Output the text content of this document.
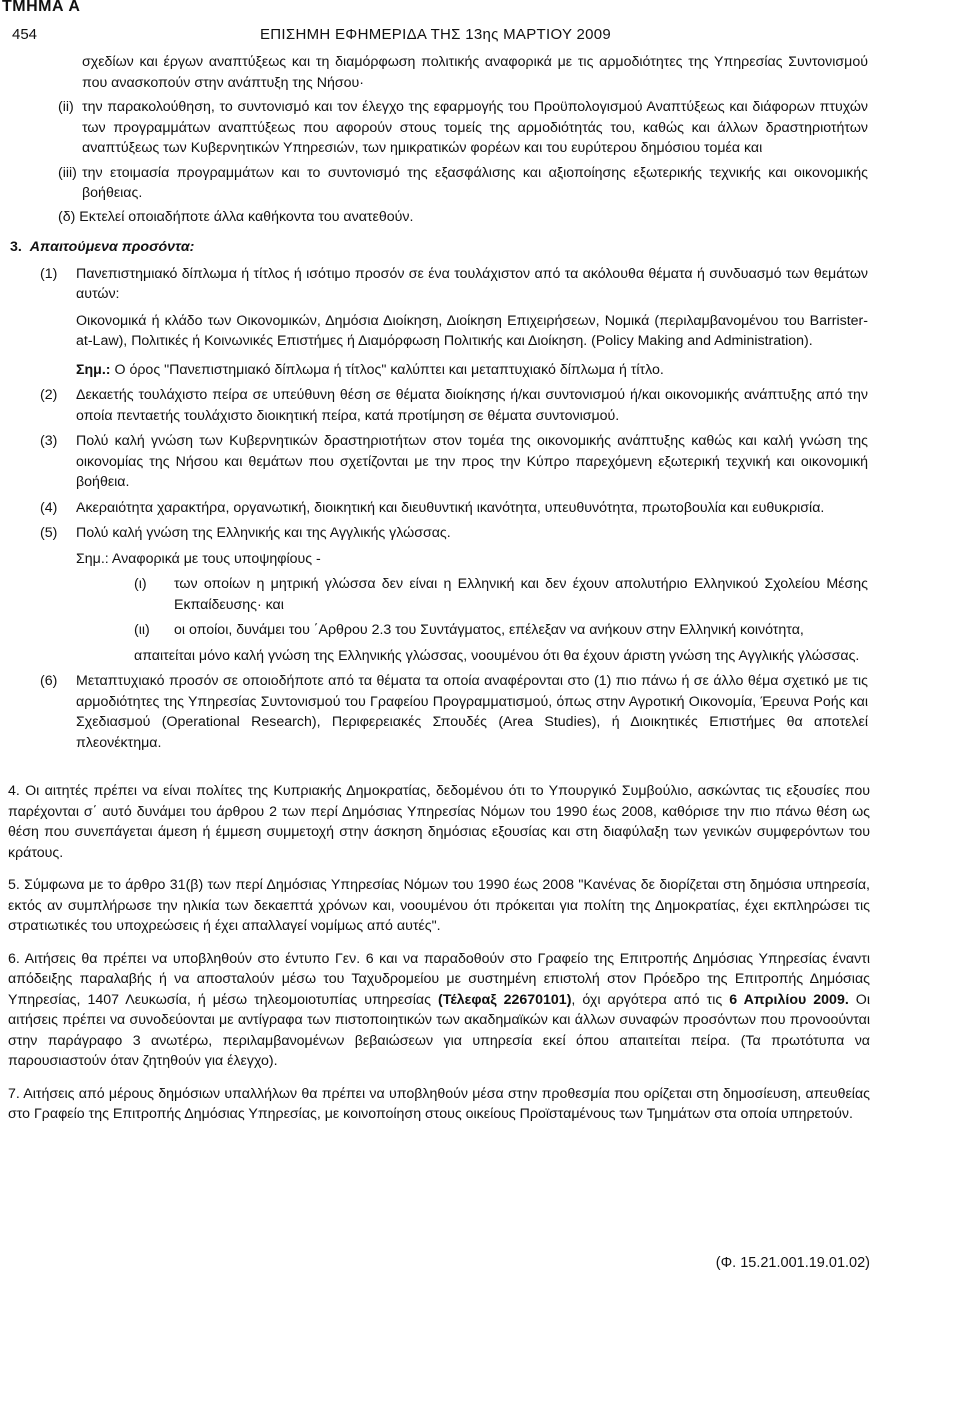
ΤΜΗΜΑ Α
454	ΕΠΙΣΗΜΗ ΕΦΗΜΕΡΙΔΑ ΤΗΣ 13ης ΜΑΡΤΙΟΥ 2009

σχεδίων και έργων αναπτύξεως και τη διαμόρφωση πολιτικής αναφορικά με τις αρμοδιότητες της Υπηρεσίας Συντονισμού που ανασκοπούν στην ανάπτυξη της Νήσου·

(ii) την παρακολούθηση, το συντονισμό και τον έλεγχο της εφαρμογής του Προϋπολογισμού Αναπτύξεως και διάφορων πτυχών των προγραμμάτων αναπτύξεως που αφορούν στους τομείς της αρμοδιότητάς του, καθώς και άλλων δραστηριοτήτων αναπτύξεως των Κυβερνητικών Υπηρεσιών, των ημικρατικών φορέων και του ευρύτερου δημόσιου τομέα και

(iii) την ετοιμασία προγραμμάτων και το συντονισμό της εξασφάλισης και αξιοποίησης εξωτερικής τεχνικής και οικονομικής βοήθειας.

(δ) Εκτελεί οποιαδήποτε άλλα καθήκοντα του ανατεθούν.

3. Απαιτούμενα προσόντα:
(1) Πανεπιστημιακό δίπλωμα ή τίτλος ή ισότιμο προσόν σε ένα τουλάχιστον από τα ακόλουθα θέματα ή συνδυασμό των θεμάτων αυτών:

Οικονομικά ή κλάδο των Οικονομικών, Δημόσια Διοίκηση, Διοίκηση Επιχειρήσεων, Νομικά (περιλαμβανομένου του Barrister-at-Law), Πολιτικές ή Κοινωνικές Επιστήμες ή Διαμόρφωση Πολιτικής και Διοίκηση. (Policy Making and Administration).

Σημ.: Ο όρος "Πανεπιστημιακό δίπλωμα ή τίτλος" καλύπτει και μεταπτυχιακό δίπλωμα ή τίτλο.

(2) Δεκαετής τουλάχιστο πείρα σε υπεύθυνη θέση σε θέματα διοίκησης ή/και συντονισμού ή/και οικονομικής ανάπτυξης από την οποία πενταετής τουλάχιστο διοικητική πείρα, κατά προτίμηση σε θέματα συντονισμού.

(3) Πολύ καλή γνώση των Κυβερνητικών δραστηριοτήτων στον τομέα της οικονομικής ανάπτυξης καθώς και καλή γνώση της οικονομίας της Νήσου και θεμάτων που σχετίζονται με την προς την Κύπρο παρεχόμενη εξωτερική τεχνική και οικονομική βοήθεια.

(4) Ακεραιότητα χαρακτήρα, οργανωτική, διοικητική και διευθυντική ικανότητα, υπευθυνότητα, πρωτοβουλία και ευθυκρισία.

(5) Πολύ καλή γνώση της Ελληνικής και της Αγγλικής γλώσσας.

Σημ.: Αναφορικά με τους υποψηφίους -

(ι) των οποίων η μητρική γλώσσα δεν είναι η Ελληνική και δεν έχουν απολυτήριο Ελληνικού Σχολείου Μέσης Εκπαίδευσης· και

(ιι) οι οποίοι, δυνάμει του ΄Αρθρου 2.3 του Συντάγματος, επέλεξαν να ανήκουν στην Ελληνική κοινότητα,

απαιτείται μόνο καλή γνώση της Ελληνικής γλώσσας, νοουμένου ότι θα έχουν άριστη γνώση της Αγγλικής γλώσσας.

(6) Μεταπτυχιακό προσόν σε οποιοδήποτε από τα θέματα τα οποία αναφέρονται στο (1) πιο πάνω ή σε άλλο θέμα σχετικό με τις αρμοδιότητες της Υπηρεσίας Συντονισμού του Γραφείου Προγραμματισμού, όπως στην Αγροτική Οικονομία, Έρευνα Ροής και Σχεδιασμού (Operational Research), Περιφερειακές Σπουδές (Area Studies), ή Διοικητικές Επιστήμες θα αποτελεί πλεονέκτημα.

4. Οι αιτητές πρέπει να είναι πολίτες της Κυπριακής Δημοκρατίας, δεδομένου ότι το Υπουργικό Συμβούλιο, ασκώντας τις εξουσίες που παρέχονται σ΄ αυτό δυνάμει του άρθρου 2 των περί Δημόσιας Υπηρεσίας Νόμων του 1990 έως 2008, καθόρισε την πιο πάνω θέση ως θέση που συνεπάγεται άμεση ή έμμεση συμμετοχή στην άσκηση δημόσιας εξουσίας και στη διαφύλαξη των γενικών συμφερόντων του κράτους.

5. Σύμφωνα με το άρθρο 31(β) των περί Δημόσιας Υπηρεσίας Νόμων του 1990 έως 2008 "Κανένας δε διορίζεται στη δημόσια υπηρεσία, εκτός αν συμπλήρωσε την ηλικία των δεκαεπτά χρόνων και, νοουμένου ότι πρόκειται για πολίτη της Δημοκρατίας, έχει εκπληρώσει τις στρατιωτικές του υποχρεώσεις ή έχει απαλλαγεί νομίμως από αυτές".

6. Αιτήσεις θα πρέπει να υποβληθούν στο έντυπο Γεν. 6 και να παραδοθούν στο Γραφείο της Επιτροπής Δημόσιας Υπηρεσίας έναντι απόδειξης παραλαβής ή να αποσταλούν μέσω του Ταχυδρομείου με συστημένη επιστολή στον Πρόεδρο της Επιτροπής Δημόσιας Υπηρεσίας, 1407 Λευκωσία, ή μέσω τηλεομοιοτυπίας υπηρεσίας (Τέλεφαξ 22670101), όχι αργότερα από τις 6 Απριλίου 2009. Οι αιτήσεις πρέπει να συνοδεύονται με αντίγραφα των πιστοποιητικών των ακαδημαϊκών και άλλων συναφών προσόντων που προνοούνται στην παράγραφο 3 ανωτέρω, περιλαμβανομένων βεβαιώσεων για υπηρεσία εκεί όπου απαιτείται πείρα. (Τα πρωτότυπα να παρουσιαστούν όταν ζητηθούν για έλεγχο).

7. Αιτήσεις από μέρους δημόσιων υπαλλήλων θα πρέπει να υποβληθούν μέσα στην προθεσμία που ορίζεται στη δημοσίευση, απευθείας στο Γραφείο της Επιτροπής Δημόσιας Υπηρεσίας, με κοινοποίηση στους οικείους Προϊσταμένους των Τμημάτων στα οποία υπηρετούν.

(Φ. 15.21.001.19.01.02)
